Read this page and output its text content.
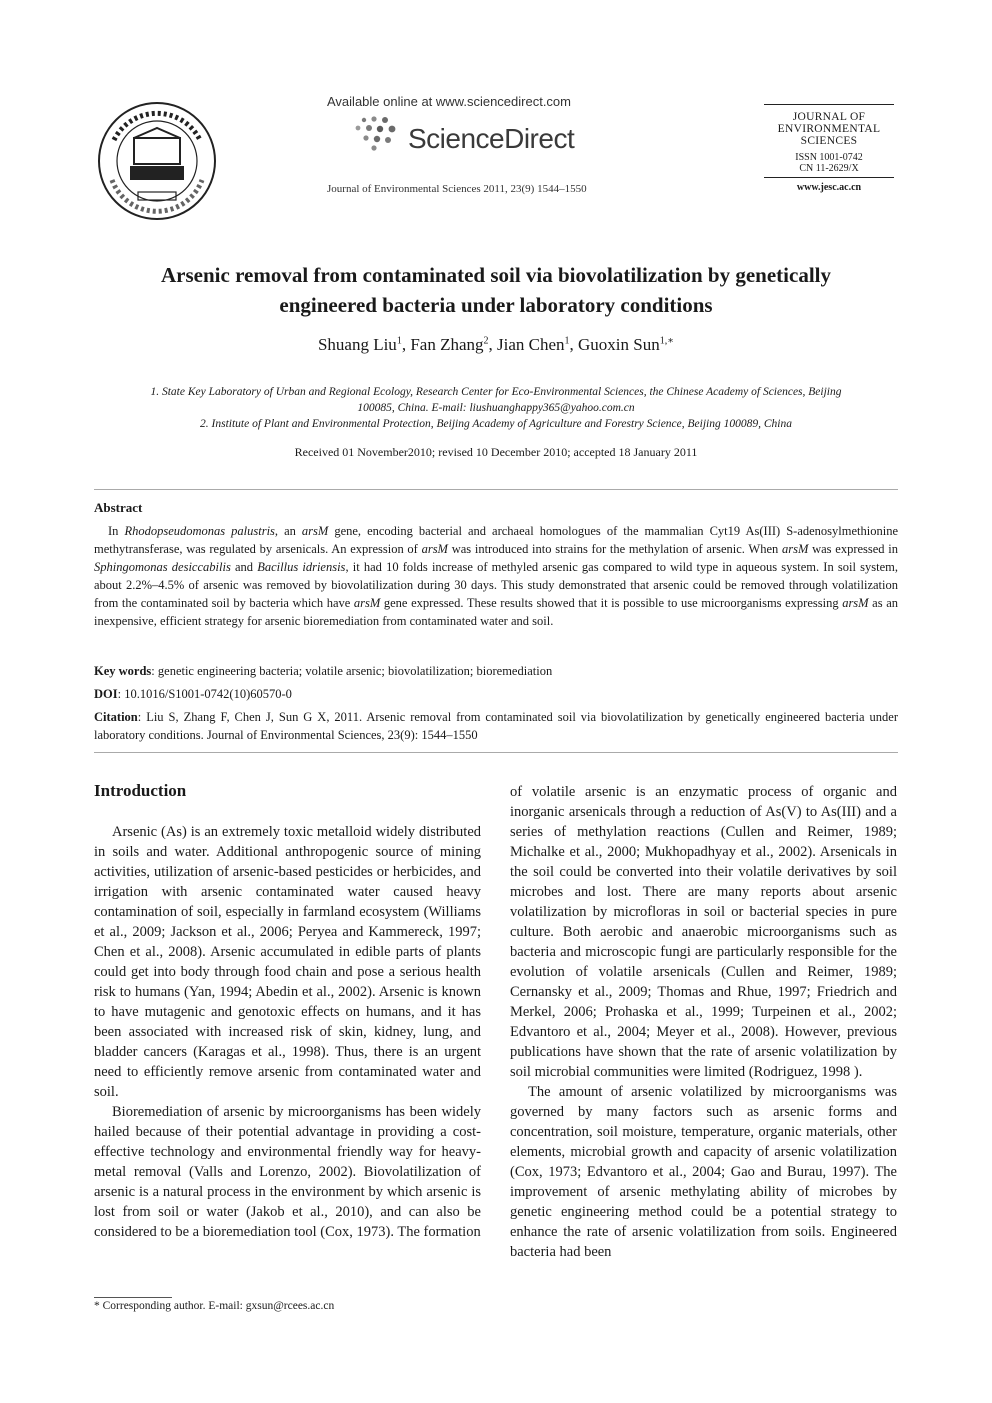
Available online at www.sciencedirect.com
ScienceDirect
Journal of Environmental Sciences 2011, 23(9) 1544–1550
JOURNAL OF
ENVIRONMENTAL
SCIENCES
ISSN 1001-0742
CN 11-2629/X
www.jesc.ac.cn
Arsenic removal from contaminated soil via biovolatilization by genetically
engineered bacteria under laboratory conditions
Shuang Liu$^1$, Fan Zhang$^2$, Jian Chen$^1$, Guoxin Sun$^{1,∗}$
1. State Key Laboratory of Urban and Regional Ecology, Research Center for Eco-Environmental Sciences, the Chinese Academy of Sciences, Beijing
100085, China. E-mail: liushuanghappy365@yahoo.com.cn
2. Institute of Plant and Environmental Protection, Beijing Academy of Agriculture and Forestry Science, Beijing 100089, China
Received 01 November2010; revised 10 December 2010; accepted 18 January 2011
Abstract
In Rhodopseudomonas palustris, an arsM gene, encoding bacterial and archaeal homologues of the mammalian Cyt19 As(III) S-adenosylmethionine methytransferase, was regulated by arsenicals. An expression of arsM was introduced into strains for the methylation of arsenic. When arsM was expressed in Sphingomonas desiccabilis and Bacillus idriensis, it had 10 folds increase of methyled arsenic gas compared to wild type in aqueous system. In soil system, about 2.2%–4.5% of arsenic was removed by biovolatilization during 30 days. This study demonstrated that arsenic could be removed through volatilization from the contaminated soil by bacteria which have arsM gene expressed. These results showed that it is possible to use microorganisms expressing arsM as an inexpensive, efficient strategy for arsenic bioremediation from contaminated water and soil.
Key words: genetic engineering bacteria; volatile arsenic; biovolatilization; bioremediation
DOI: 10.1016/S1001-0742(10)60570-0
Citation: Liu S, Zhang F, Chen J, Sun G X, 2011. Arsenic removal from contaminated soil via biovolatilization by genetically engineered bacteria under laboratory conditions. Journal of Environmental Sciences, 23(9): 1544–1550
Introduction

Arsenic (As) is an extremely toxic metalloid widely distributed in soils and water. Additional anthropogenic source of mining activities, utilization of arsenic-based pesticides or herbicides, and irrigation with arsenic contaminated water caused heavy contamination of soil, especially in farmland ecosystem (Williams et al., 2009; Jackson et al., 2006; Peryea and Kammereck, 1997; Chen et al., 2008). Arsenic accumulated in edible parts of plants could get into body through food chain and pose a serious health risk to humans (Yan, 1994; Abedin et al., 2002). Arsenic is known to have mutagenic and genotoxic effects on humans, and it has been associated with increased risk of skin, kidney, lung, and bladder cancers (Karagas et al., 1998). Thus, there is an urgent need to efficiently remove arsenic from contaminated water and soil.

Bioremediation of arsenic by microorganisms has been widely hailed because of their potential advantage in providing a cost-effective technology and environmental friendly way for heavy-metal removal (Valls and Lorenzo, 2002). Biovolatilization of arsenic is a natural process in the environment by which arsenic is lost from soil or water (Jakob et al., 2010), and can also be considered to be a bioremediation tool (Cox, 1973). The formation

of volatile arsenic is an enzymatic process of organic and inorganic arsenicals through a reduction of As(V) to As(III) and a series of methylation reactions (Cullen and Reimer, 1989; Michalke et al., 2000; Mukhopadhyay et al., 2002). Arsenicals in the soil could be converted into their volatile derivatives by soil microbes and lost. There are many reports about arsenic volatilization by microfloras in soil or bacterial species in pure culture. Both aerobic and anaerobic microorganisms such as bacteria and microscopic fungi are particularly responsible for the evolution of volatile arsenicals (Cullen and Reimer, 1989; Cernansky et al., 2009; Thomas and Rhue, 1997; Friedrich and Merkel, 2006; Prohaska et al., 1999; Turpeinen et al., 2002; Edvantoro et al., 2004; Meyer et al., 2008). However, previous publications have shown that the rate of arsenic volatilization by soil microbial communities were limited (Rodriguez, 1998 ).

The amount of arsenic volatilized by microorganisms was governed by many factors such as arsenic forms and concentration, soil moisture, temperature, organic materials, other elements, microbial growth and capacity of arsenic volatilization (Cox, 1973; Edvantoro et al., 2004; Gao and Burau, 1997). The improvement of arsenic methylating ability of microbes by genetic engineering method could be a potential strategy to enhance the rate of arsenic volatilization from soils. Engineered bacteria had been

* Corresponding author. E-mail: gxsun@rcees.ac.cn
